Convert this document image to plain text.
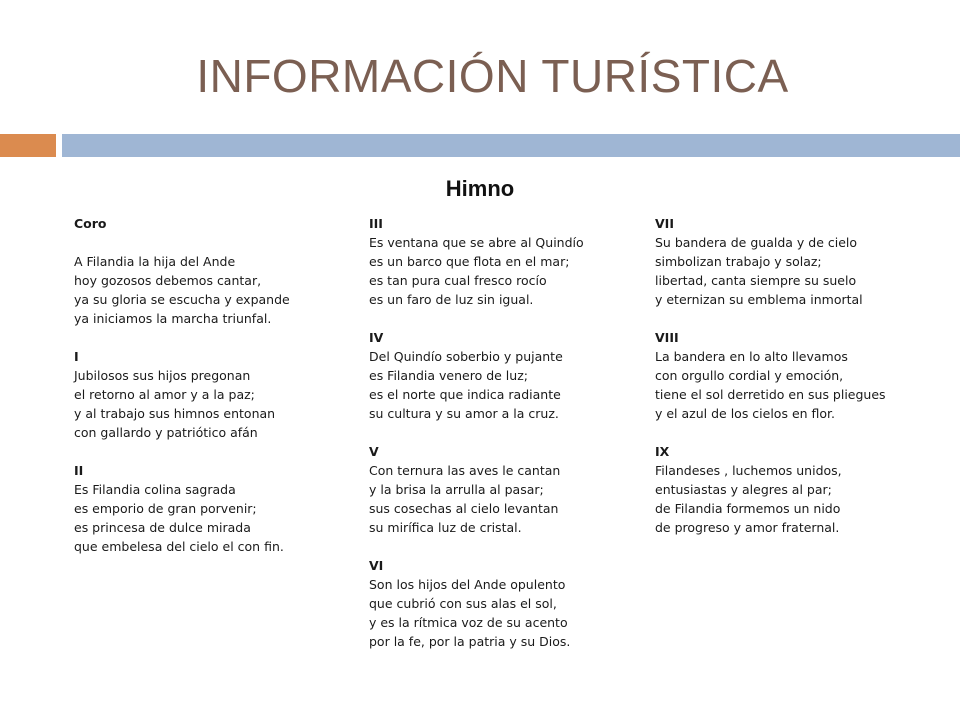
INFORMACIÓN TURÍSTICA
Himno
Coro
A Filandia la hija del Ande
hoy gozosos debemos cantar,
ya su gloria se escucha y expande
ya iniciamos la marcha triunfal.
I
Jubilosos sus hijos pregonan
el retorno al amor y a la paz;
y al trabajo sus himnos entonan
con gallardo y patriótico afán
II
Es Filandia colina sagrada
es emporio de gran porvenir;
es princesa de dulce mirada
que embelesa del cielo el con fin.
III
Es ventana que se abre al Quindío
es un barco que flota en el mar;
es tan pura cual fresco rocío
es un faro de luz sin igual.
IV
Del Quindío soberbio y pujante
es Filandia venero de luz;
es el norte que indica radiante
su cultura y su amor a la cruz.
V
Con ternura las aves le cantan
y la brisa la arrulla al pasar;
sus cosechas al cielo levantan
su mirífica luz de cristal.
VI
Son los hijos del Ande opulento
que cubrió con sus alas el sol,
y es la rítmica voz de su acento
por la fe, por la patria y su Dios.
VII
Su bandera de gualda y de cielo
simbolizan trabajo y solaz;
libertad, canta siempre su suelo
y eternizan su emblema inmortal
VIII
La bandera en lo alto llevamos
con orgullo cordial y emoción,
tiene el sol derretido en sus pliegues
y el azul de los cielos en flor.
IX
Filandeses , luchemos unidos,
entusiastas y alegres al par;
de Filandia formemos un nido
de progreso y amor fraternal.
